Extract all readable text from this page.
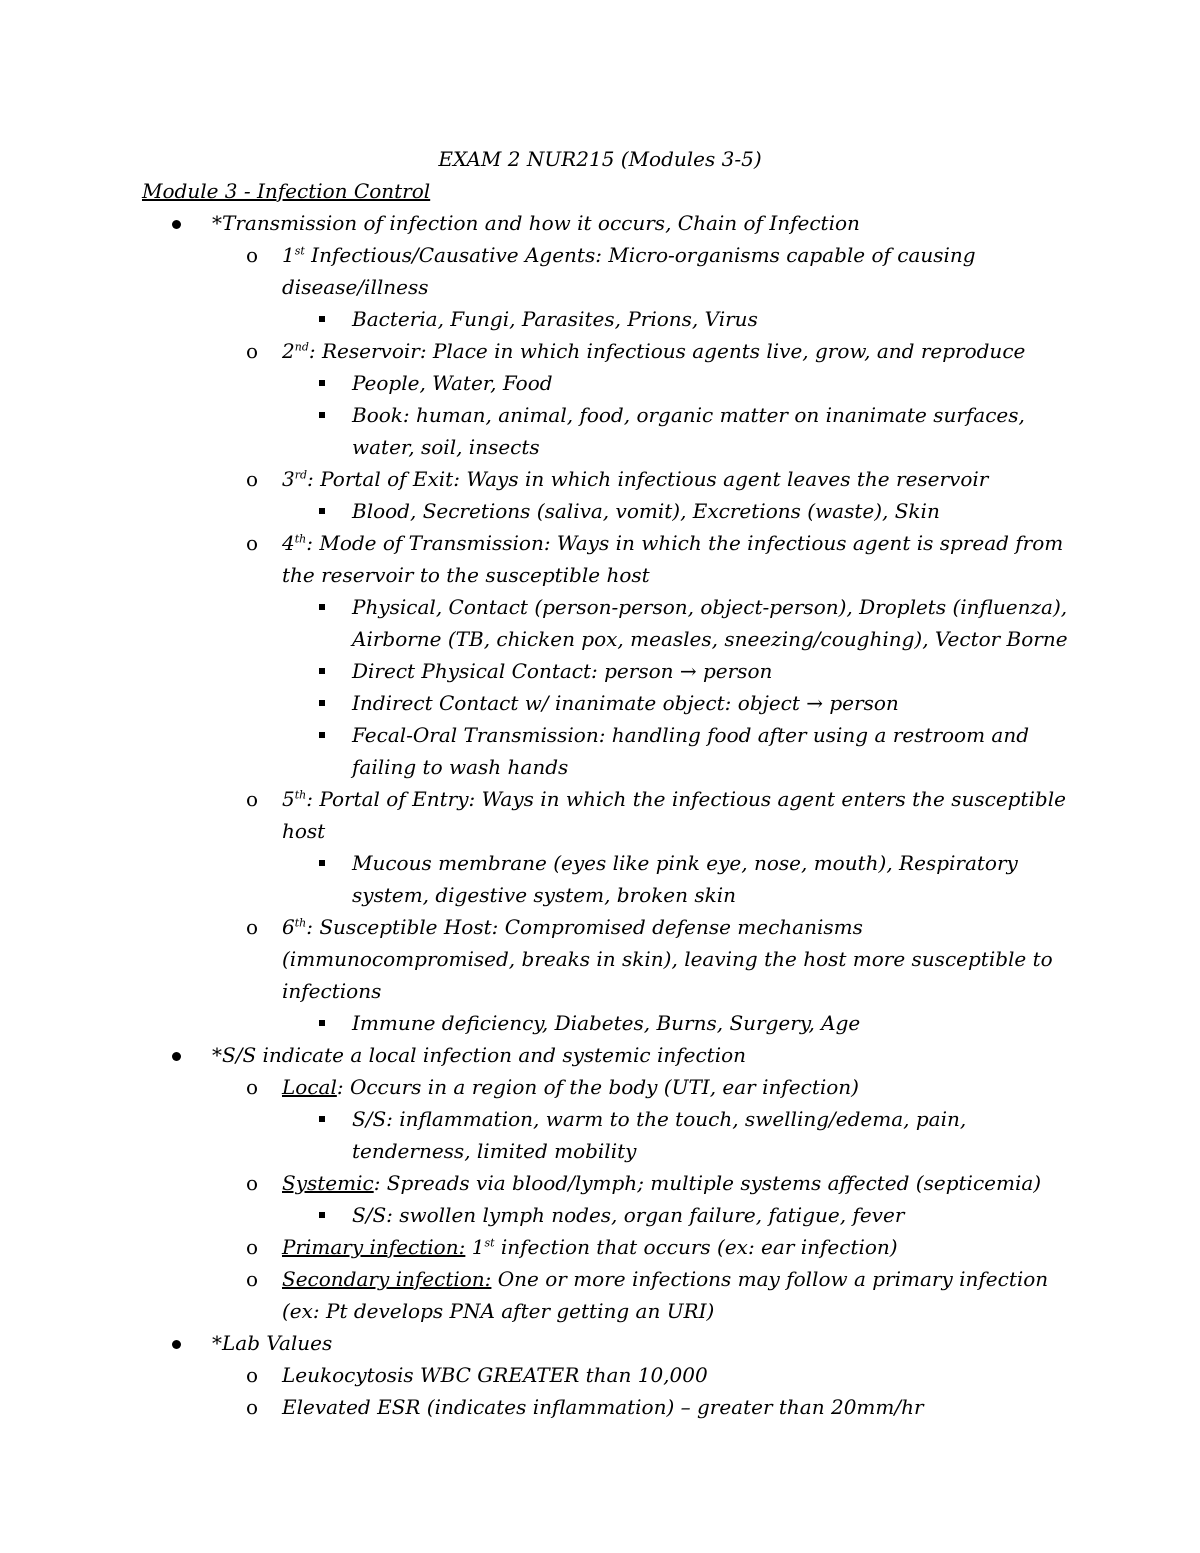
EXAM 2 NUR215 (Modules 3-5)
Module 3 - Infection Control
*Transmission of infection and how it occurs, Chain of Infection
o 1st Infectious/Causative Agents: Micro-organisms capable of causing disease/illness
Bacteria, Fungi, Parasites, Prions, Virus
o 2nd: Reservoir: Place in which infectious agents live, grow, and reproduce
People, Water, Food
Book: human, animal, food, organic matter on inanimate surfaces, water, soil, insects
o 3rd: Portal of Exit: Ways in which infectious agent leaves the reservoir
Blood, Secretions (saliva, vomit), Excretions (waste), Skin
o 4th: Mode of Transmission: Ways in which the infectious agent is spread from the reservoir to the susceptible host
Physical, Contact (person-person, object-person), Droplets (influenza), Airborne (TB, chicken pox, measles, sneezing/coughing), Vector Borne
Direct Physical Contact: person → person
Indirect Contact w/ inanimate object: object → person
Fecal-Oral Transmission: handling food after using a restroom and failing to wash hands
o 5th: Portal of Entry: Ways in which the infectious agent enters the susceptible host
Mucous membrane (eyes like pink eye, nose, mouth), Respiratory system, digestive system, broken skin
o 6th: Susceptible Host: Compromised defense mechanisms (immunocompromised, breaks in skin), leaving the host more susceptible to infections
Immune deficiency, Diabetes, Burns, Surgery, Age
*S/S indicate a local infection and systemic infection
o Local: Occurs in a region of the body (UTI, ear infection)
S/S: inflammation, warm to the touch, swelling/edema, pain, tenderness, limited mobility
o Systemic: Spreads via blood/lymph; multiple systems affected (septicemia)
S/S: swollen lymph nodes, organ failure, fatigue, fever
o Primary infection: 1st infection that occurs (ex: ear infection)
o Secondary infection: One or more infections may follow a primary infection (ex: Pt develops PNA after getting an URI)
*Lab Values
o Leukocytosis WBC GREATER than 10,000
o Elevated ESR (indicates inflammation) – greater than 20mm/hr
